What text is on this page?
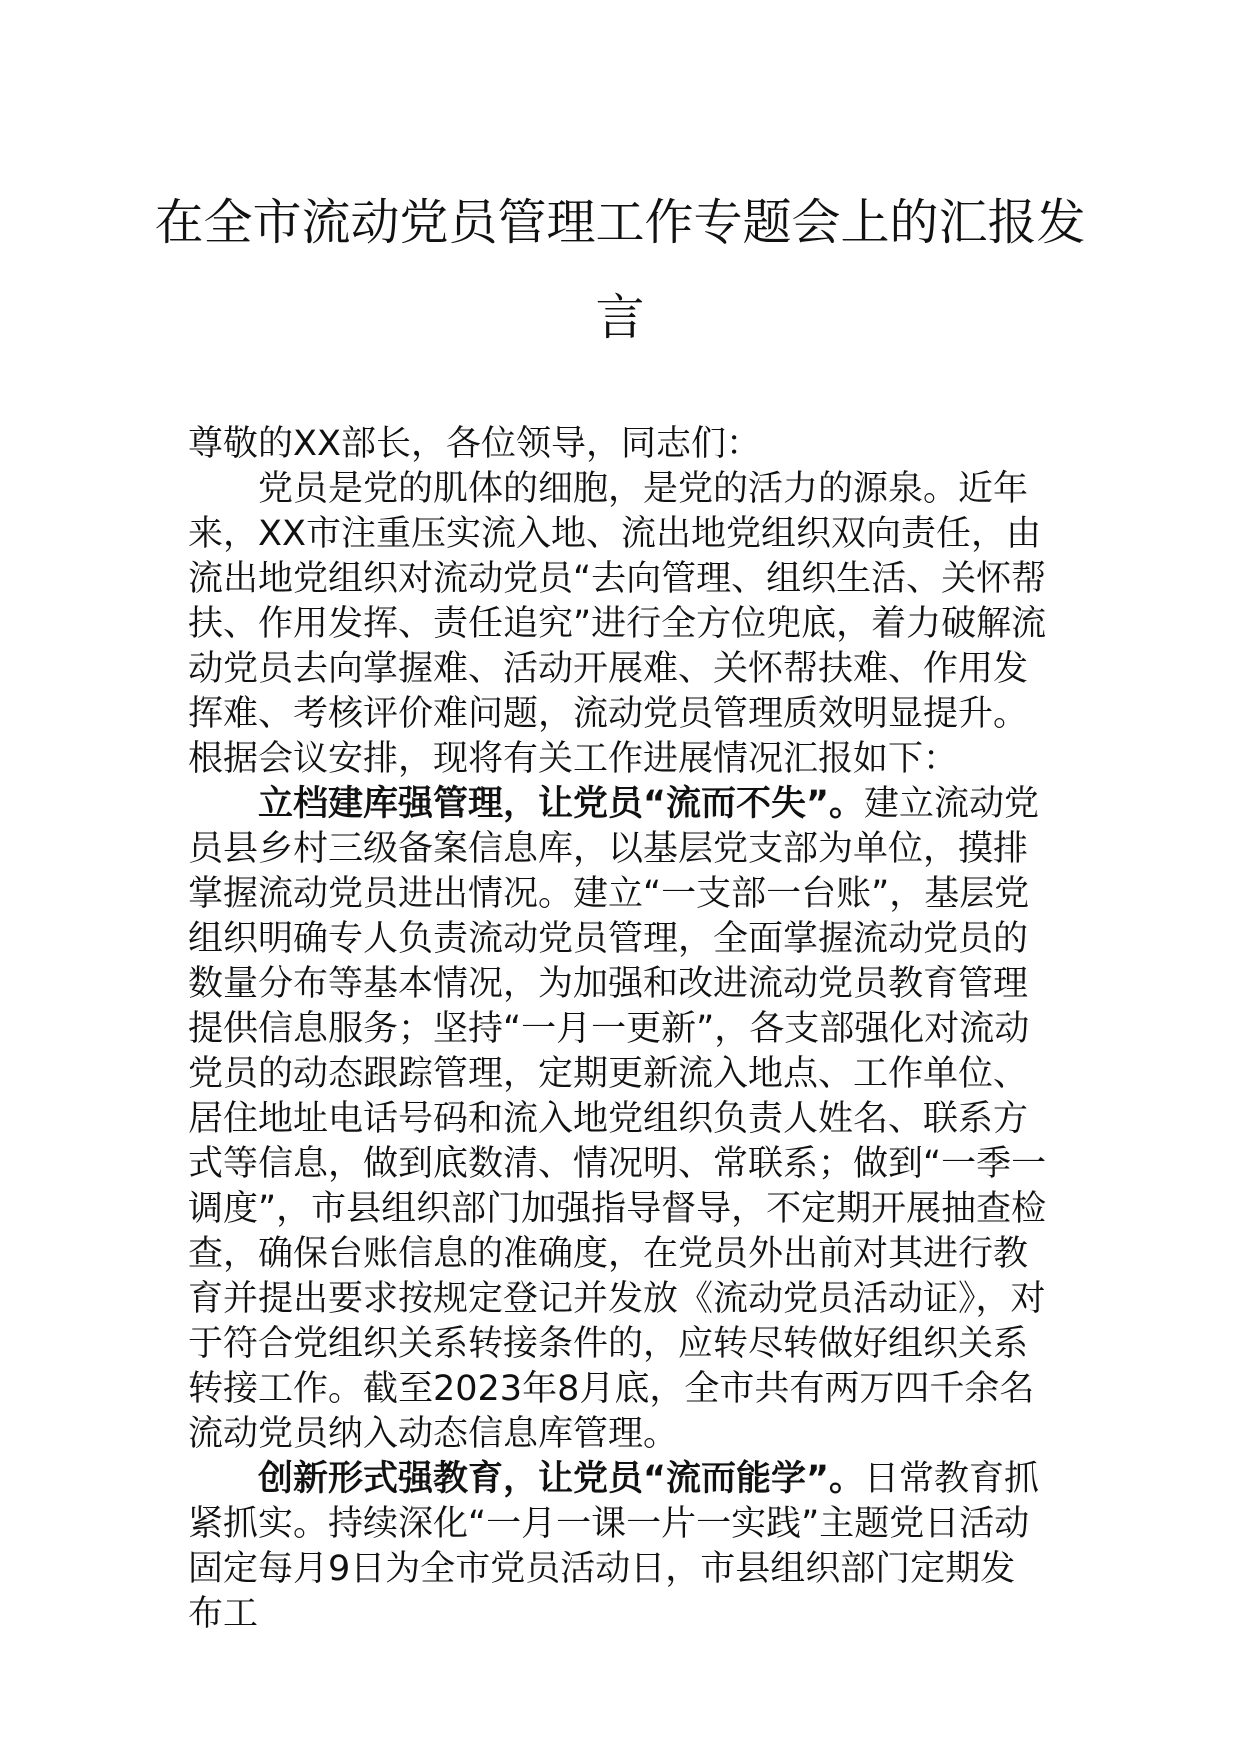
在全市流动党员管理工作专题会上的汇报发言

尊敬的XX部长，各位领导，同志们：

党员是党的肌体的细胞，是党的活力的源泉。近年来，XX市注重压实流入地、流出地党组织双向责任，由流出地党组织对流动党员“去向管理、组织生活、关怀帮扶、作用发挥、责任追究”进行全方位兜底，着力破解流动党员去向掌握难、活动开展难、关怀帮扶难、作用发挥难、考核评价难问题，流动党员管理质效明显提升。根据会议安排，现将有关工作进展情况汇报如下：

立档建库强管理，让党员“流而不失”。建立流动党员县乡村三级备案信息库，以基层党支部为单位，摸排掌握流动党员进出情况。建立“一支部一台账”，基层党组织明确专人负责流动党员管理，全面掌握流动党员的数量分布等基本情况，为加强和改进流动党员教育管理提供信息服务；坚持“一月一更新”，各支部强化对流动党员的动态跟踪管理，定期更新流入地点、工作单位、居住地址电话号码和流入地党组织负责人姓名、联系方式等信息，做到底数清、情况明、常联系；做到“一季一调度”，市县组织部门加强指导督导，不定期开展抽查检查，确保台账信息的准确度，在党员外出前对其进行教育并提出要求按规定登记并发放《流动党员活动证》，对于符合党组织关系转接条件的，应转尽转做好组织关系转接工作。截至2023年8月底，全市共有两万四千余名流动党员纳入动态信息库管理。

创新形式强教育，让党员“流而能学”。日常教育抓紧抓实。持续深化“一月一课一片一实践”主题党日活动固定每月9日为全市党员活动日，市县组织部门定期发布工
